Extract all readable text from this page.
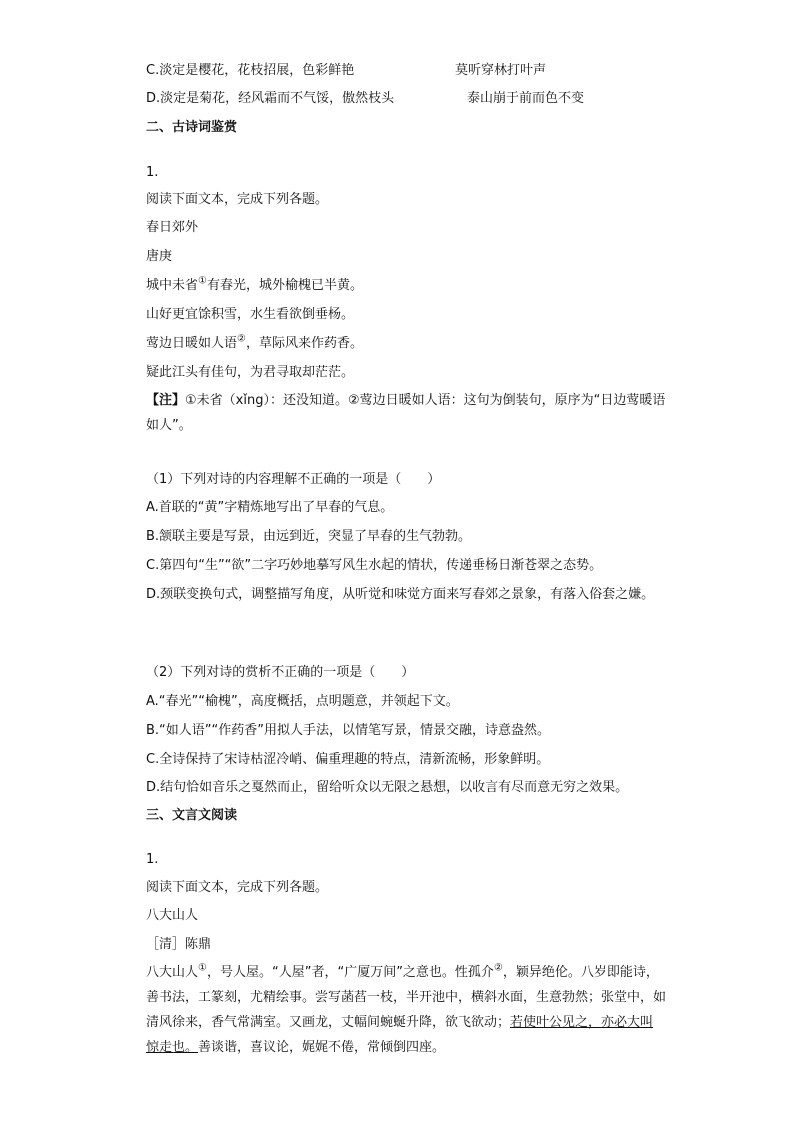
C.淡定是樱花，花枝招展，色彩鲜艳	莫听穿林打叶声
D.淡定是菊花，经风霜而不气馁，傲然枝头	泰山崩于前而色不变
二、古诗词鉴赏
1.
阅读下面文本，完成下列各题。
春日郊外
唐庚
城中未省①有春光，城外榆槐已半黄。
山好更宜馀积雪，水生看欲倒垂杨。
莺边日暖如人语②，草际风来作药香。
疑此江头有佳句，为君寻取却茫茫。
【注】①未省（xǐng）：还没知道。②莺边日暖如人语：这句为倒装句，原序为“日边莺暖语如人”。
（1）下列对诗的内容理解不正确的一项是（　　）
A.首联的“黄”字精炼地写出了早春的气息。
B.颔联主要是写景，由远到近，突显了早春的生气勃勃。
C.第四句“生”“欲”二字巧妙地摹写风生水起的情状，传递垂杨日渐苍翠之态势。
D.颈联变换句式，调整描写角度，从听觉和味觉方面来写春郊之景象，有落入俗套之嫌。
（2）下列对诗的赏析不正确的一项是（　　）
A.“春光”“榆槐”，高度概括，点明题意，并领起下文。
B.“如人语”“作药香”用拟人手法，以情笔写景，情景交融，诗意盎然。
C.全诗保持了宋诗枯涩冷峭、偏重理趣的特点，清新流畅，形象鲜明。
D.结句恰如音乐之戛然而止，留给听众以无限之悬想，以收言有尽而意无穷之效果。
三、文言文阅读
1.
阅读下面文本，完成下列各题。
八大山人
［清］陈鼎
八大山人①，号人屋。“人屋”者，“广厦万间”之意也。性孤介②，颖异绝伦。八岁即能诗，善书法，工篆刻，尤精绘事。尝写菡萏一枝，半开池中，横斜水面，生意勃然；张堂中，如清风徐来，香气常满室。又画龙，丈幅间蜿蜒升降，欲飞欲动；若使叶公见之，亦必大叫惊走也。善谈谐，喜议论，娓娓不倦，常倾倒四座。
